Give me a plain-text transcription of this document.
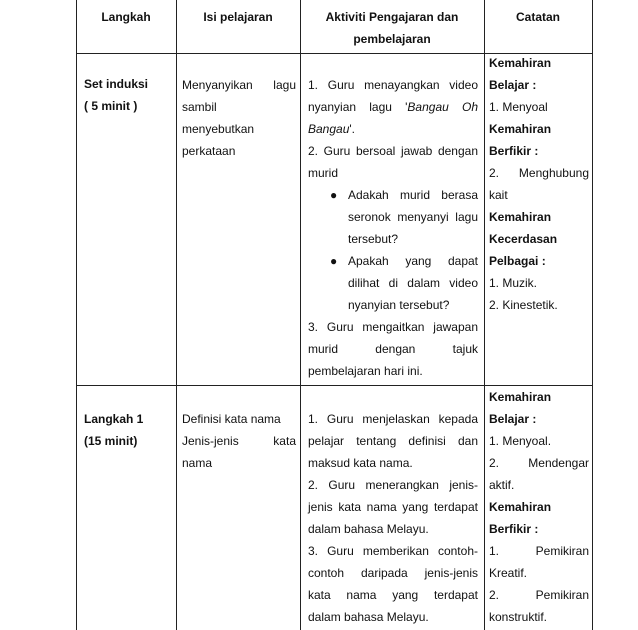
Langkah	Isi pelajaran	Aktiviti Pengajaran dan
pembelajaran
Catatan
Set induksi
( 5 minit )
Menyanyikan lagu
sambil
menyebutkan
perkataan
1. Guru menayangkan video
nyanyian lagu 'Bangau Oh
Bangau'.
2. Guru bersoal jawab dengan
murid
● Adakah murid berasa
seronok menyanyi lagu
tersebut?
● Apakah yang dapat
dilihat di dalam video
nyanyian tersebut?
3. Guru mengaitkan jawapan
murid dengan tajuk
pembelajaran hari ini.
Kemahiran
Belajar :
1. Menyoal
Kemahiran
Berfikir :
2. Menghubung
kait
Kemahiran
Kecerdasan
Pelbagai :
1. Muzik.
2. Kinestetik.
Langkah 1
(15 minit)
Definisi kata nama
Jenis-jenis kata
nama
1. Guru menjelaskan kepada
pelajar tentang definisi dan
maksud kata nama.
2. Guru menerangkan jenis-
jenis kata nama yang terdapat
dalam bahasa Melayu.
3. Guru memberikan contoh-
contoh daripada jenis-jenis
kata nama yang terdapat
dalam bahasa Melayu.
Kemahiran
Belajar :
1. Menyoal.
2. Mendengar
aktif.
Kemahiran
Berfikir :
1. Pemikiran
Kreatif.
2. Pemikiran
konstruktif.
